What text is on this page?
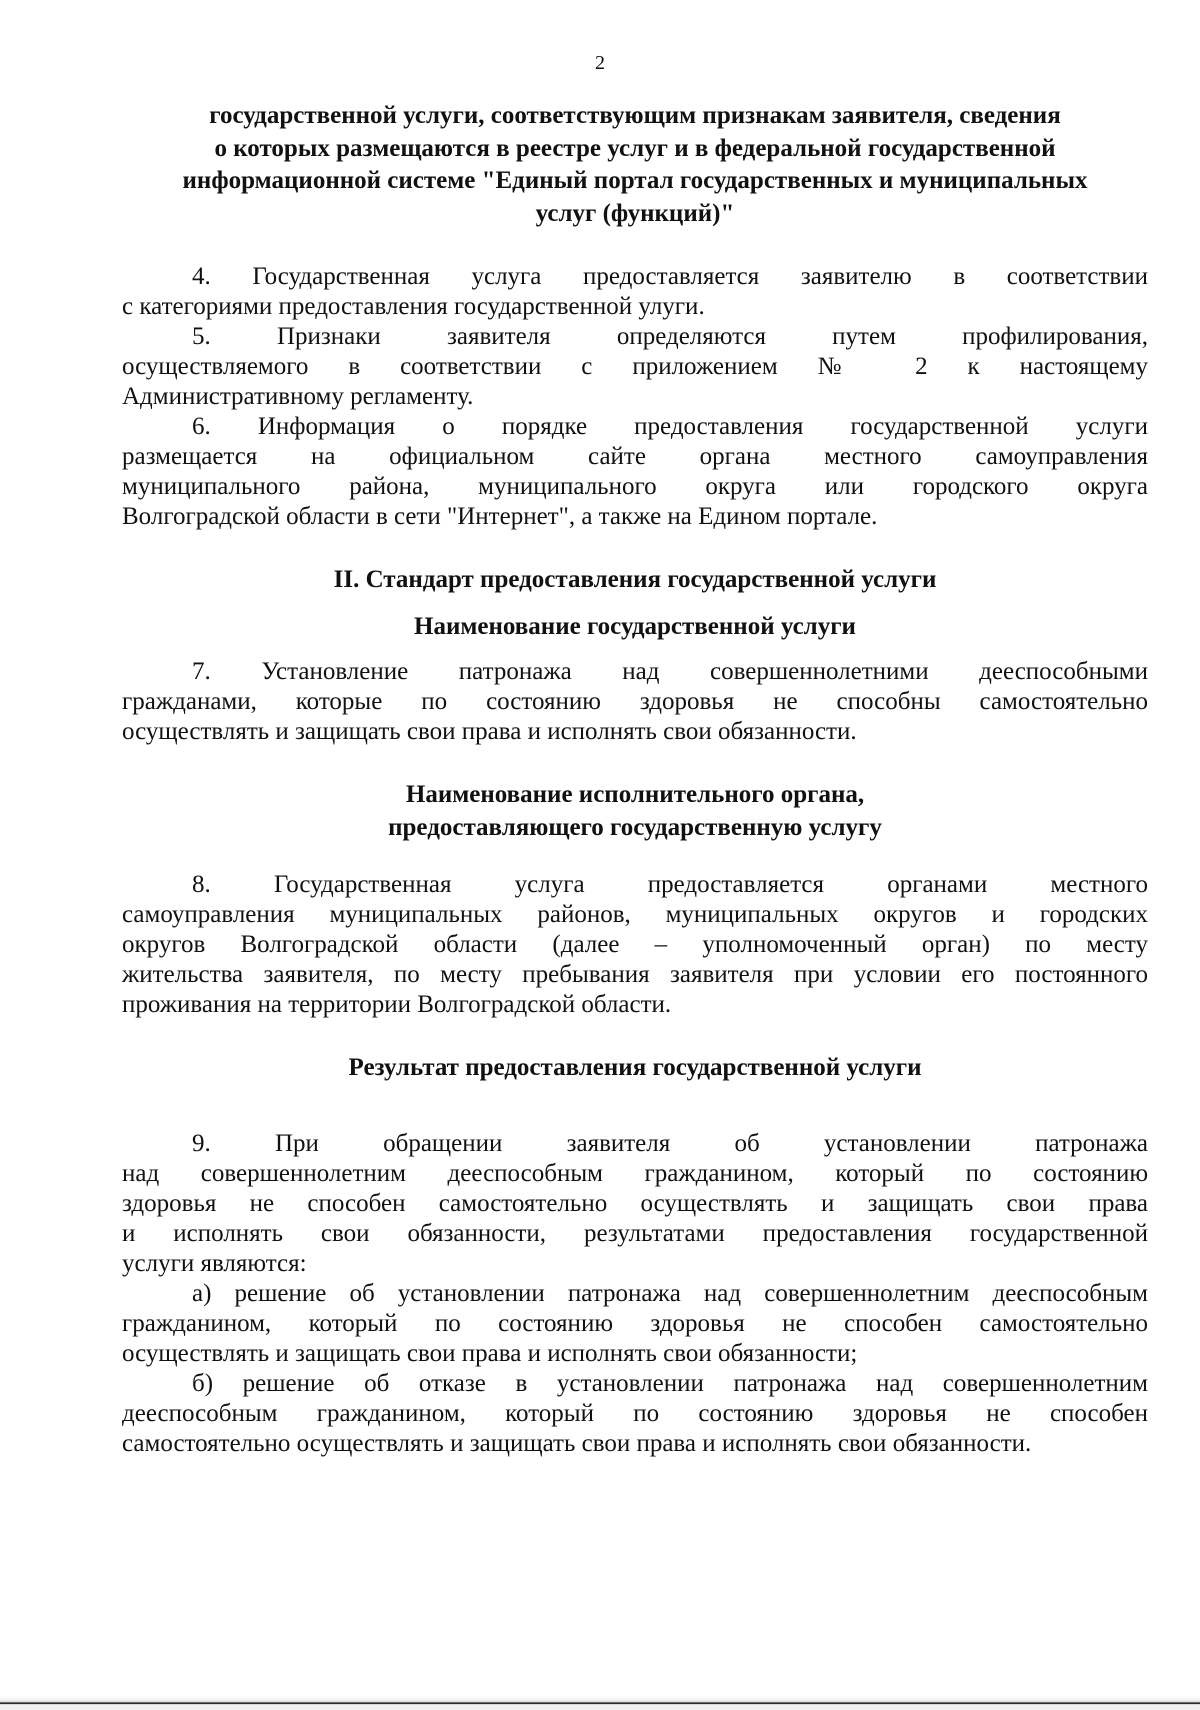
2
государственной услуги, соответствующим признакам заявителя, сведения
о которых размещаются в реестре услуг и в федеральной государственной
информационной системе "Единый портал государственных и муниципальных
услуг (функций)"
4. Государственная услуга предоставляется заявителю в соответствии
с категориями предоставления государственной улуги.
5. Признаки заявителя определяются путем профилирования,
осуществляемого в соответствии с приложением № 2 к настоящему
Административному регламенту.
6. Информация о порядке предоставления государственной услуги
размещается на официальном сайте органа местного самоуправления
муниципального района, муниципального округа или городского округа
Волгоградской области в сети "Интернет", а также на Едином портале.
II. Стандарт предоставления государственной услуги
Наименование государственной услуги
7. Установление патронажа над совершеннолетними дееспособными
гражданами, которые по состоянию здоровья не способны самостоятельно
осуществлять и защищать свои права и исполнять свои обязанности.
Наименование исполнительного органа,
предоставляющего государственную услугу
8. Государственная услуга предоставляется органами местного
самоуправления муниципальных районов, муниципальных округов и городских
округов Волгоградской области (далее – уполномоченный орган) по месту
жительства заявителя, по месту пребывания заявителя при условии его постоянного
проживания на территории Волгоградской области.
Результат предоставления государственной услуги
9. При обращении заявителя об установлении патронажа
над совершеннолетним дееспособным гражданином, который по состоянию
здоровья не способен самостоятельно осуществлять и защищать свои права
и исполнять свои обязанности, результатами предоставления государственной
услуги являются:
а) решение об установлении патронажа над совершеннолетним дееспособным
гражданином, который по состоянию здоровья не способен самостоятельно
осуществлять и защищать свои права и исполнять свои обязанности;
б) решение об отказе в установлении патронажа над совершеннолетним
дееспособным гражданином, который по состоянию здоровья не способен
самостоятельно осуществлять и защищать свои права и исполнять свои обязанности.
